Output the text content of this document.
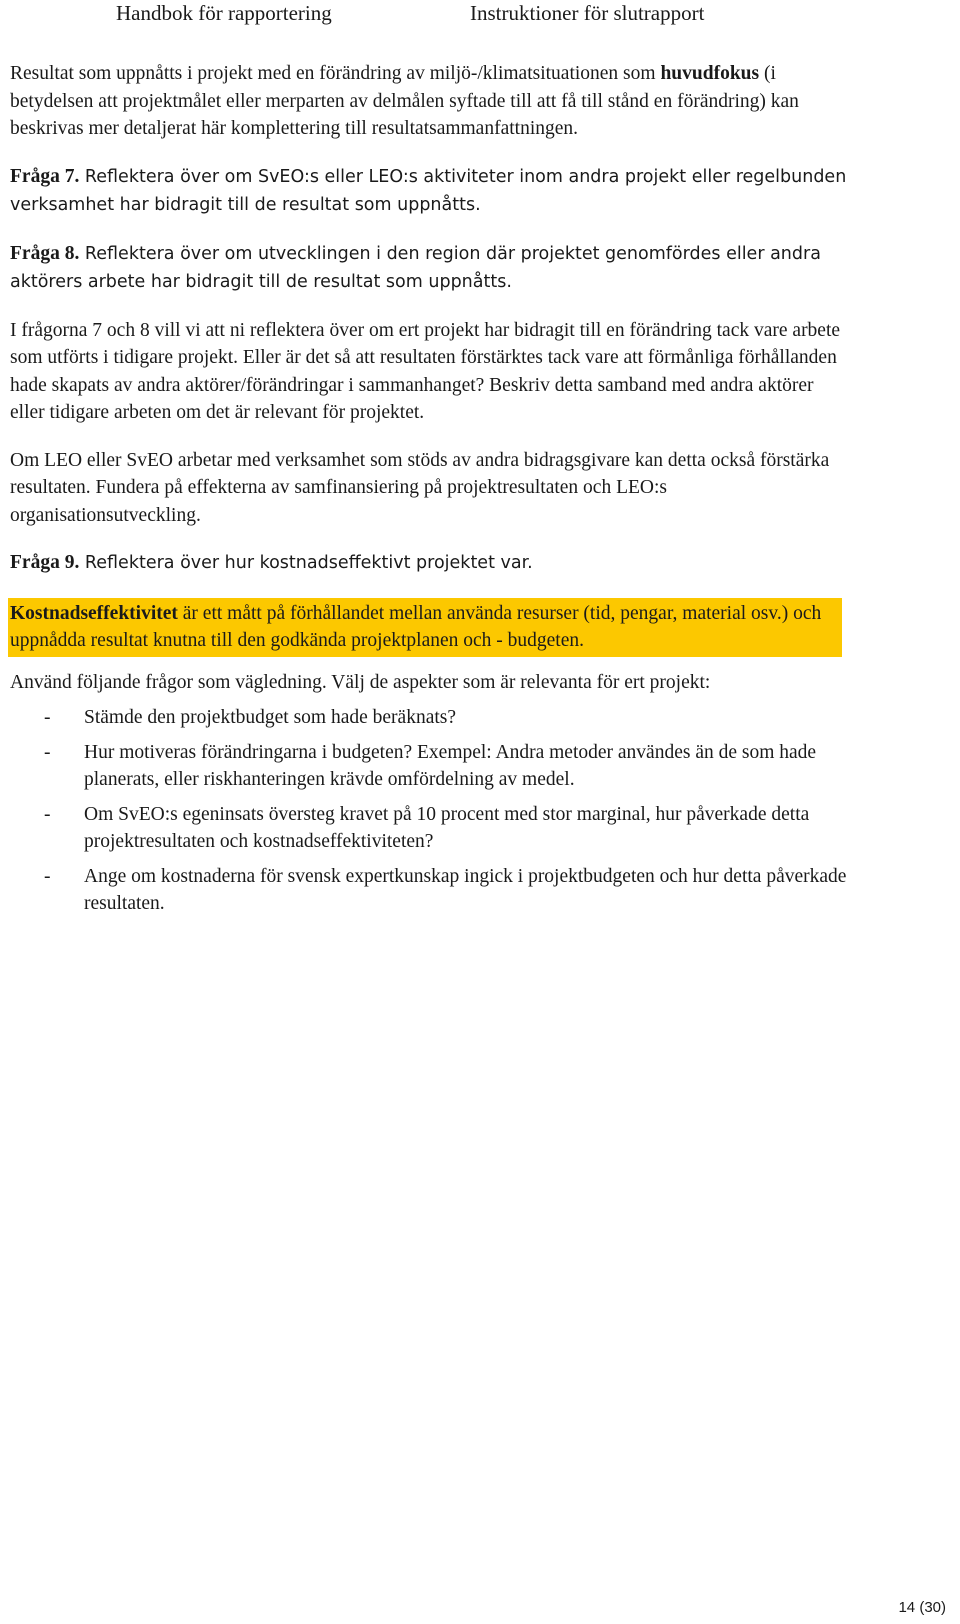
Handbok för rapportering	Instruktioner för slutrapport

Resultat som uppnåtts i projekt med en förändring av miljö-/klimatsituationen som huvudfokus (i betydelsen att projektmålet eller merparten av delmålen syftade till att få till stånd en förändring) kan beskrivas mer detaljerat här komplettering till resultatsammanfattningen.

Fråga 7. Reflektera över om SvEO:s eller LEO:s aktiviteter inom andra projekt eller regelbunden verksamhet har bidragit till de resultat som uppnåtts.

Fråga 8. Reflektera över om utvecklingen i den region där projektet genomfördes eller andra aktörers arbete har bidragit till de resultat som uppnåtts.

I frågorna 7 och 8 vill vi att ni reflektera över om ert projekt har bidragit till en förändring tack vare arbete som utförts i tidigare projekt. Eller är det så att resultaten förstärktes tack vare att förmånliga förhållanden hade skapats av andra aktörer/förändringar i sammanhanget? Beskriv detta samband med andra aktörer eller tidigare arbeten om det är relevant för projektet.

Om LEO eller SvEO arbetar med verksamhet som stöds av andra bidragsgivare kan detta också förstärka resultaten. Fundera på effekterna av samfinansiering på projektresultaten och LEO:s organisationsutveckling.

Fråga 9. Reflektera över hur kostnadseffektivt projektet var.

Kostnadseffektivitet är ett mått på förhållandet mellan använda resurser (tid, pengar, material osv.) och uppnådda resultat knutna till den godkända projektplanen och - budgeten.

Använd följande frågor som vägledning. Välj de aspekter som är relevanta för ert projekt:

- Stämde den projektbudget som hade beräknats?
- Hur motiveras förändringarna i budgeten? Exempel: Andra metoder användes än de som hade planerats, eller riskhanteringen krävde omfördelning av medel.
- Om SvEO:s egeninsats översteg kravet på 10 procent med stor marginal, hur påverkade detta projektresultaten och kostnadseffektiviteten?
- Ange om kostnaderna för svensk expertkunskap ingick i projektbudgeten och hur detta påverkade resultaten.
14 (30)
